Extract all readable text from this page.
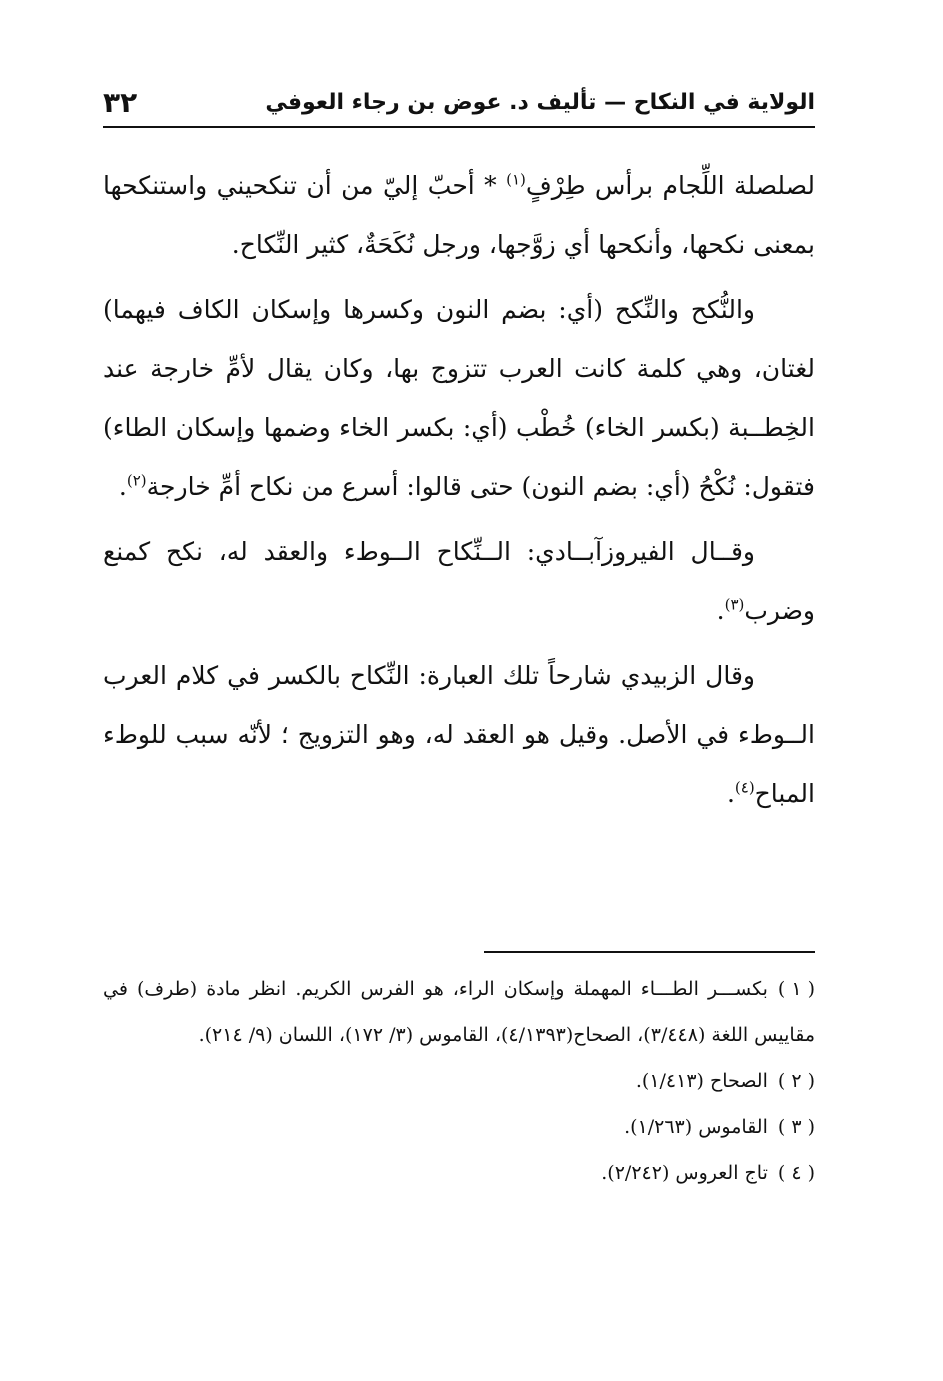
الولاية في النكاح — تأليف د. عوض بن رجاء العوفي
٣٢

لصلصلة اللِّجام برأس طِرْفٍ$^{(١)}$ * أحبّ إليّ من أن تنكحيني واستنكحها بمعنى نكحها، وأنكحها أي زوَّجها، ورجل نُكَحَةٌ، كثير النِّكاح.

والنُّكح والنِّكح (أي: بضم النون وكسرها وإسكان الكاف فيهما) لغتان، وهي كلمة كانت العرب تتزوج بها، وكان يقال لأمِّ خارجة عند الخِطــبة (بكسر الخاء) خُطْب (أي: بكسر الخاء وضمها وإسكان الطاء) فتقول: نُكْحُ (أي: بضم النون) حتى قالوا: أسرع من نكاح أمِّ خارجة$^{(٢)}$.

وقــال الفيروزآبــادي: الــنِّكاح الــوطء والعقد له، نكح كمنع وضرب$^{(٣)}$.

وقال الزبيدي شارحاً تلك العبارة: النِّكاح بالكسر في كلام العرب الــوطء في الأصل. وقيل هو العقد له، وهو التزويج ؛ لأنّه سبب للوطء المباح$^{(٤)}$.

( ١ )بكســـر الطـــاء المهملة وإسكان الراء، هو الفرس الكريم. انظر مادة (طرف) في مقاييس اللغة (٣/٤٤٨)، الصحاح(٤/١٣٩٣)، القاموس (٣/ ١٧٢)، اللسان (٩/ ٢١٤).

( ٢ )الصحاح (١/٤١٣).

( ٣ )القاموس (١/٢٦٣).

( ٤ )تاج العروس (٢/٢٤٢).
